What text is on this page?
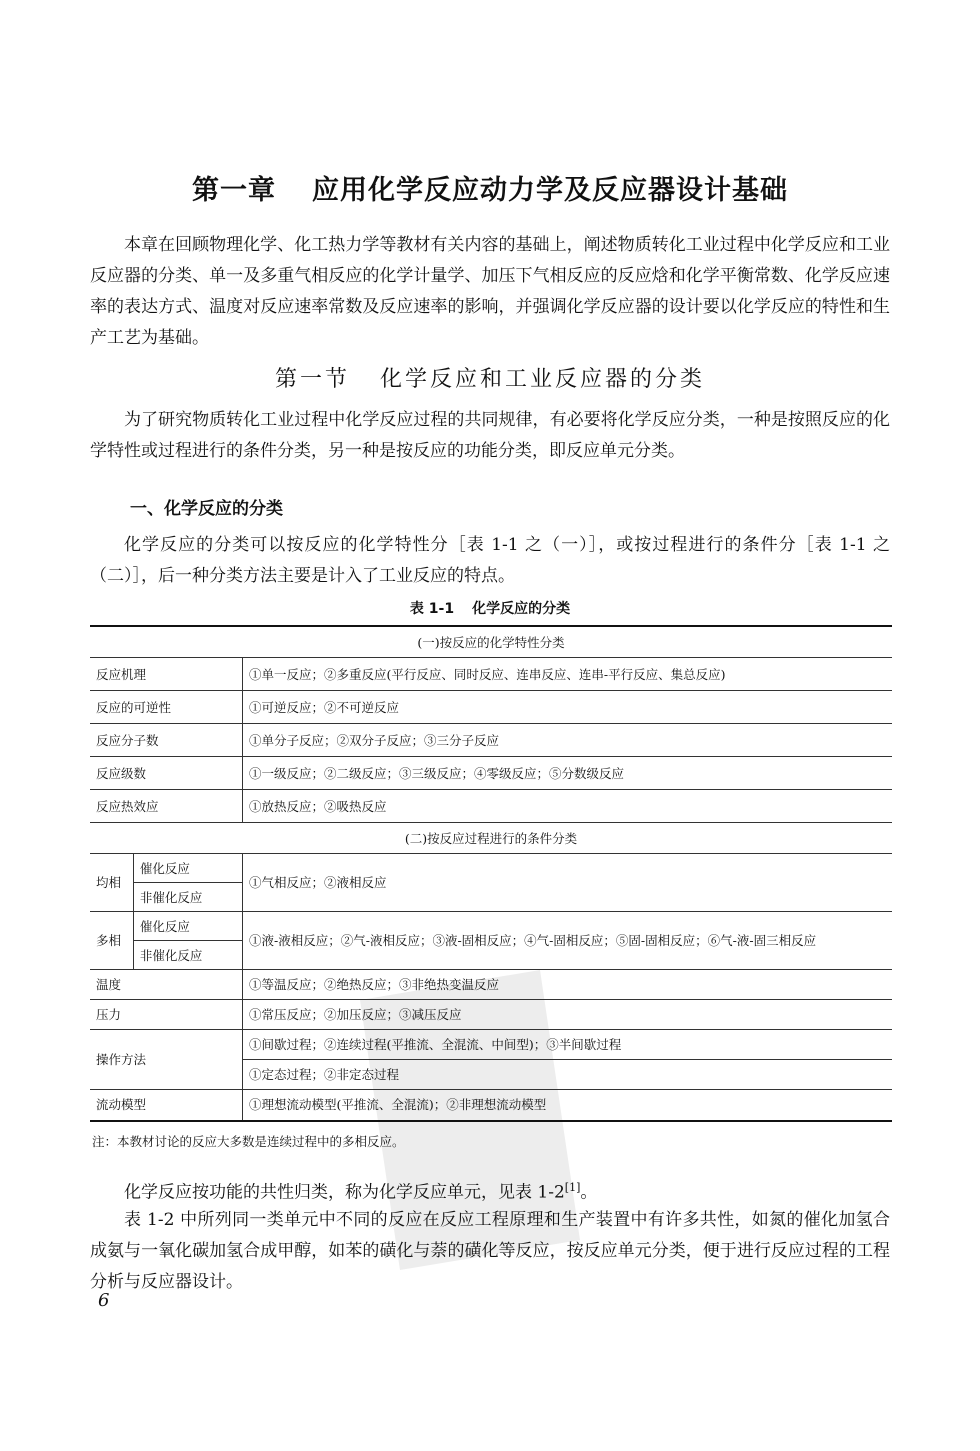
第一章 应用化学反应动力学及反应器设计基础
本章在回顾物理化学、化工热力学等教材有关内容的基础上，阐述物质转化工业过程中化学反应和工业反应器的分类、单一及多重气相反应的化学计量学、加压下气相反应的反应焓和化学平衡常数、化学反应速率的表达方式、温度对反应速率常数及反应速率的影响，并强调化学反应器的设计要以化学反应的特性和生产工艺为基础。
第一节 化学反应和工业反应器的分类
为了研究物质转化工业过程中化学反应过程的共同规律，有必要将化学反应分类，一种是按照反应的化学特性或过程进行的条件分类，另一种是按反应的功能分类，即反应单元分类。
一、化学反应的分类
化学反应的分类可以按反应的化学特性分［表 1-1 之（一）］，或按过程进行的条件分［表 1-1 之（二）］，后一种分类方法主要是计入了工业反应的特点。
表 1-1 化学反应的分类
(一)按反应的化学特性分类		
反应机理		①单一反应；②多重反应(平行反应、同时反应、连串反应、连串-平行反应、集总反应)
反应的可逆性		①可逆反应；②不可逆反应
反应分子数		①单分子反应；②双分子反应；③三分子反应
反应级数		①一级反应；②二级反应；③三级反应；④零级反应；⑤分数级反应
反应热效应		①放热反应；②吸热反应
(二)按反应过程进行的条件分类		
均相	催化反应	①气相反应；②液相反应
	非催化反应	
多相	催化反应	①液-液相反应；②气-液相反应；③液-固相反应；④气-固相反应；⑤固-固相反应；⑥气-液-固三相反应
	非催化反应	
温度		①等温反应；②绝热反应；③非绝热变温反应
压力		①常压反应；②加压反应；③减压反应
操作方法		①间歇过程；②连续过程(平推流、全混流、中间型)；③半间歇过程
		①定态过程；②非定态过程
流动模型		①理想流动模型(平推流、全混流)；②非理想流动模型
注：本教材讨论的反应大多数是连续过程中的多相反应。
化学反应按功能的共性归类，称为化学反应单元，见表 1-2[1]。
表 1-2 中所列同一类单元中不同的反应在反应工程原理和生产装置中有许多共性，如氮的催化加氢合成氨与一氧化碳加氢合成甲醇，如苯的磺化与萘的磺化等反应，按反应单元分类，便于进行反应过程的工程分析与反应器设计。
6
